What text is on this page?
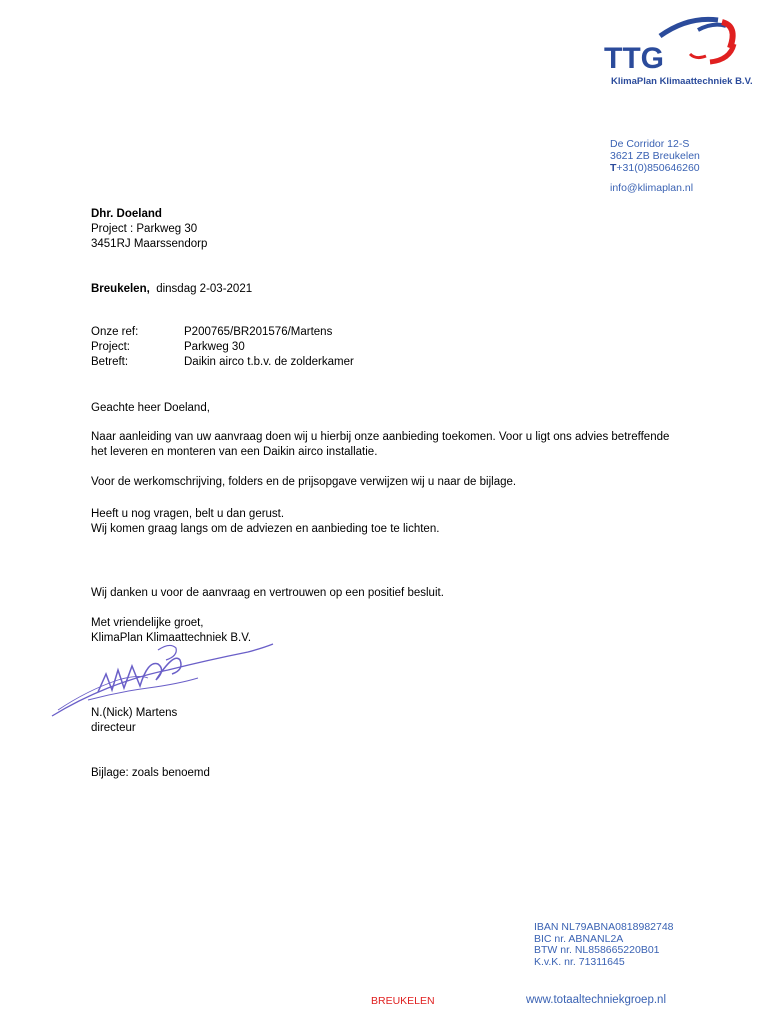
TTG
KlimaPlan Klimaattechniek B.V.
De Corridor 12-S
3621 ZB Breukelen
T+31(0)850646260
info@klimaplan.nl
Dhr. Doeland
Project : Parkweg 30
3451RJ Maarssendorp
Breukelen, dinsdag 2-03-2021
Onze ref:	P200765/BR201576/Martens
Project:	Parkweg 30
Betreft:	Daikin airco t.b.v. de zolderkamer
Geachte heer Doeland,
Naar aanleiding van uw aanvraag doen wij u hierbij onze aanbieding toekomen. Voor u ligt ons advies betreffende
het leveren en monteren van een Daikin airco installatie.
Voor de werkomschrijving, folders en de prijsopgave verwijzen wij u naar de bijlage.
Heeft u nog vragen, belt u dan gerust.
Wij komen graag langs om de adviezen en aanbieding toe te lichten.
Wij danken u voor de aanvraag en vertrouwen op een positief besluit.
Met vriendelijke groet,
KlimaPlan Klimaattechniek B.V.
N.(Nick) Martens
directeur
Bijlage: zoals benoemd
IBAN NL79ABNA0818982748
BIC nr. ABNANL2A
BTW nr. NL858665220B01
K.v.K. nr. 71311645
BREUKELEN	www.totaaltechniekgroep.nl
